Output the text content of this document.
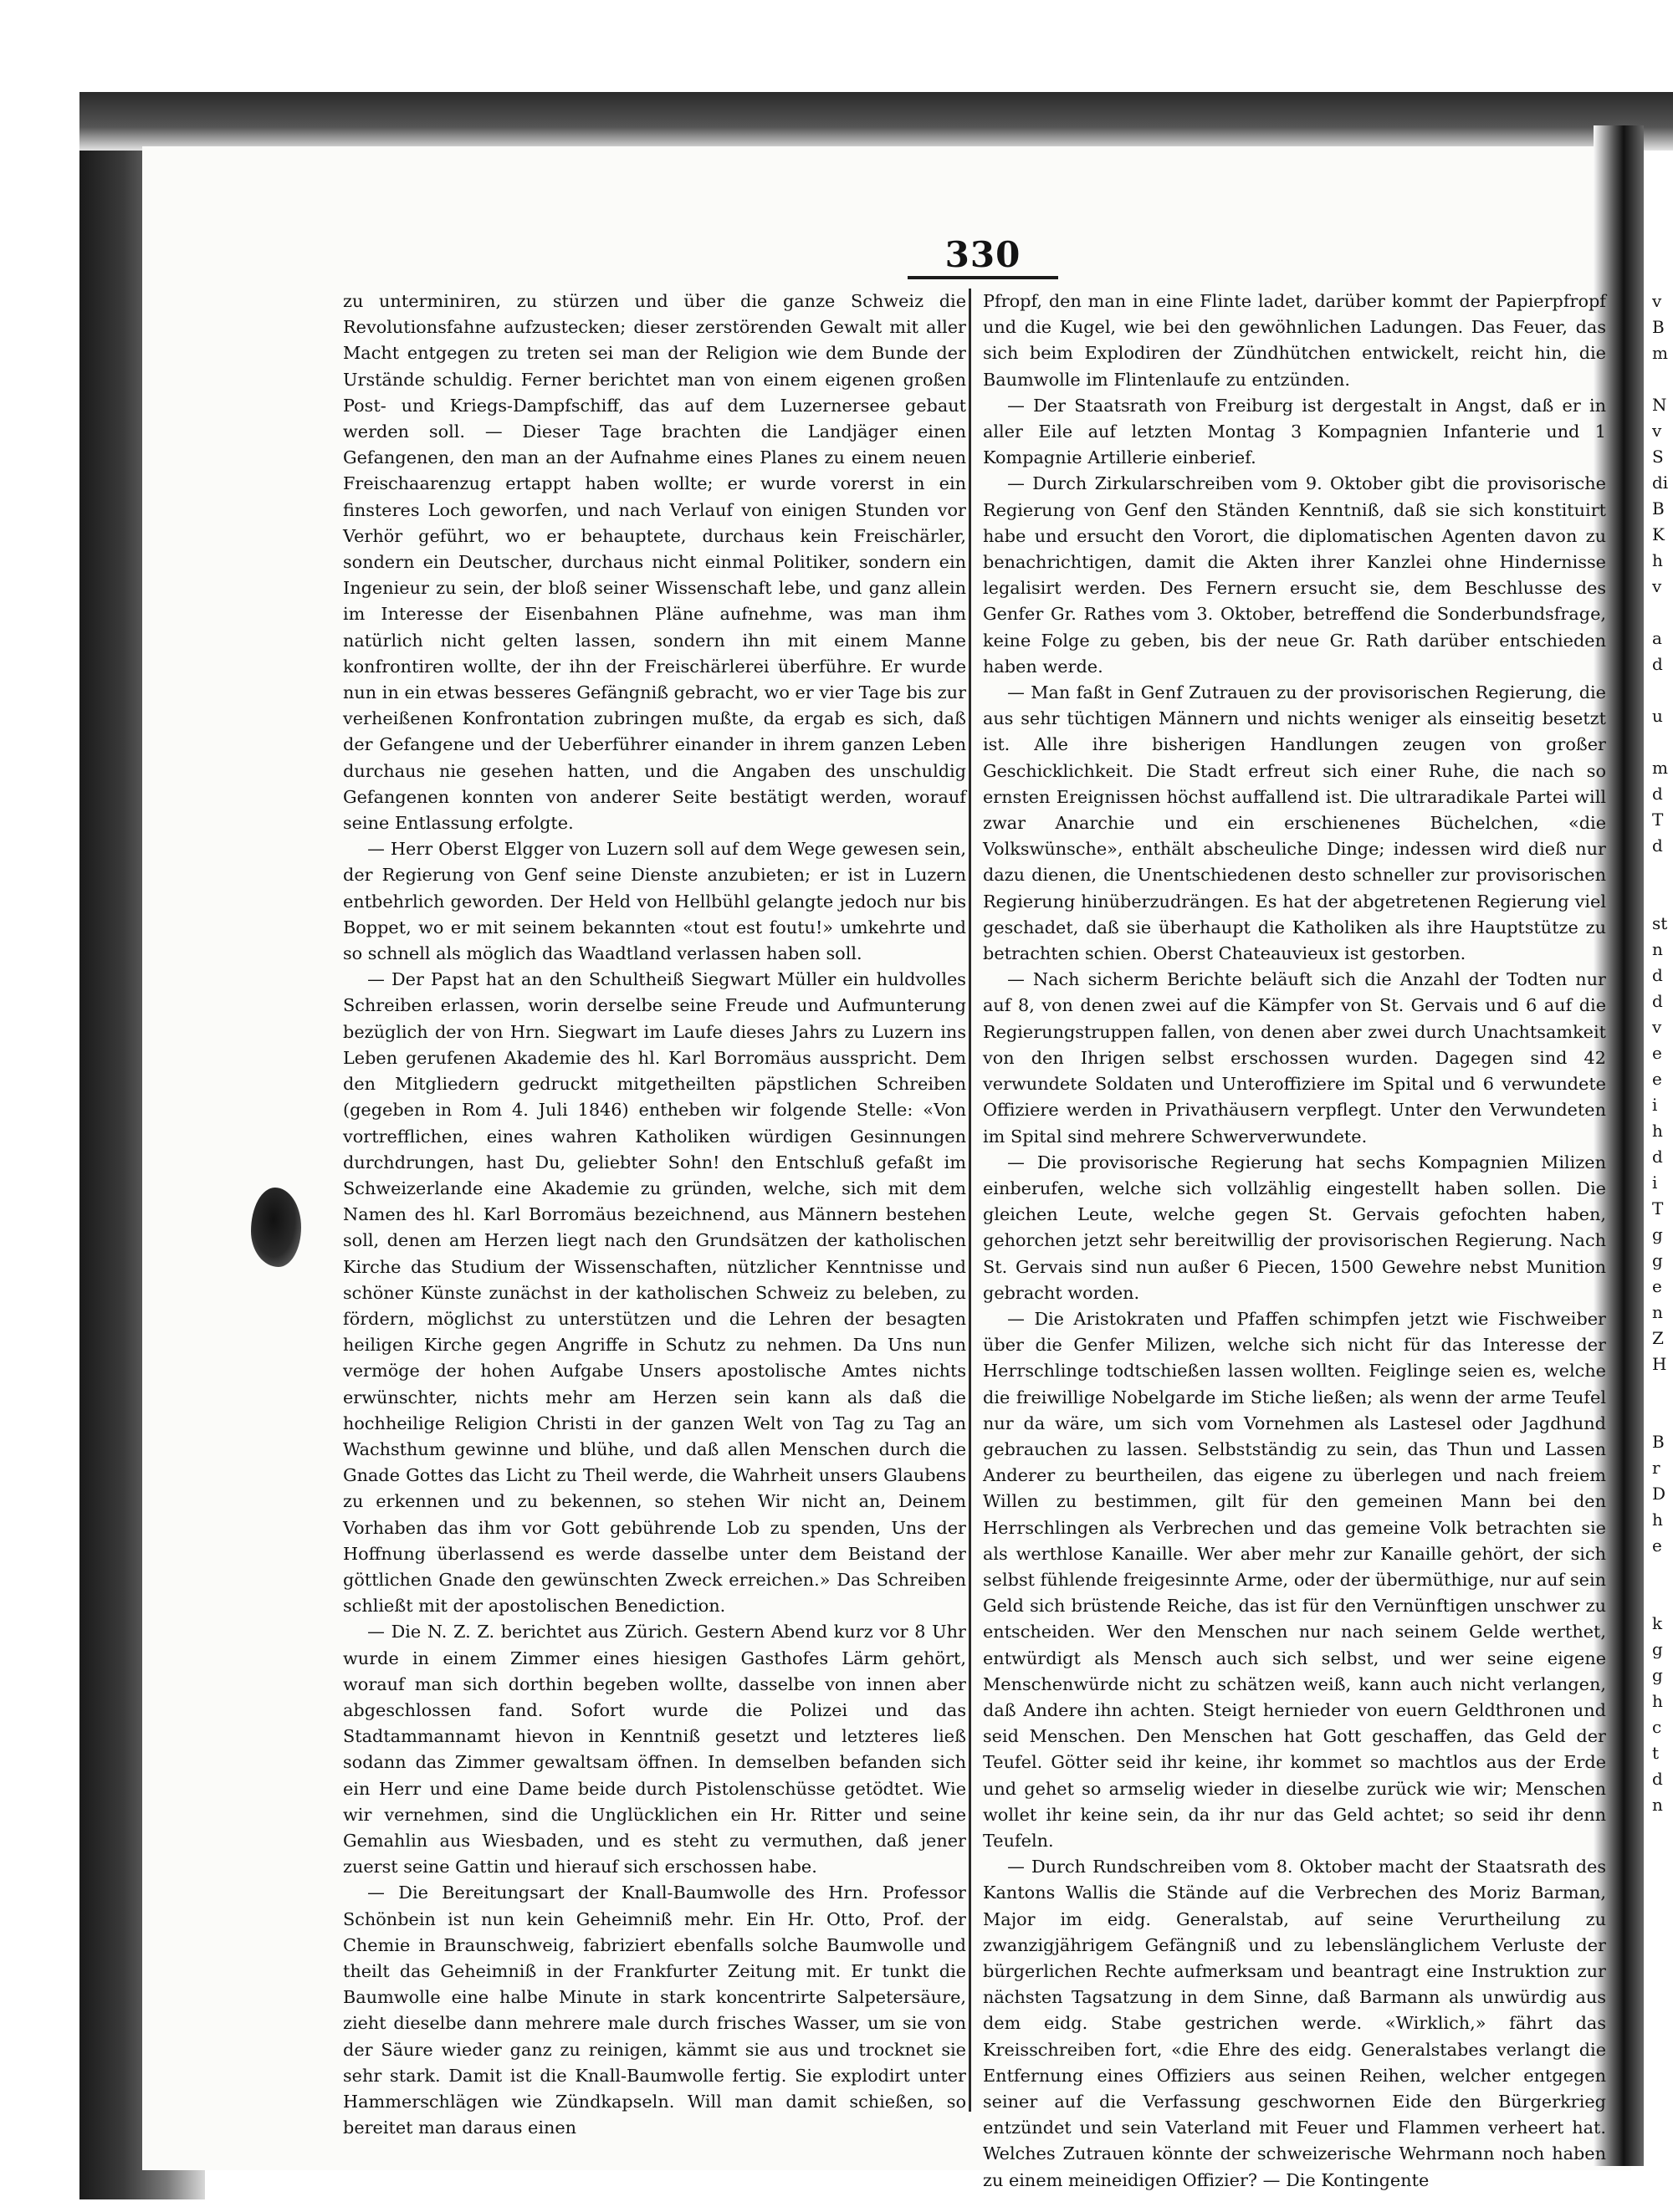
330

zu unterminiren, zu stürzen und über die ganze Schweiz die Revolutionsfahne aufzustecken; dieser zerstörenden Gewalt mit aller Macht entgegen zu treten sei man der Religion wie dem Bunde der Urstände schuldig. Ferner berichtet man von einem eigenen großen Post- und Kriegs-Dampfschiff, das auf dem Luzernersee gebaut werden soll. — Dieser Tage brachten die Landjäger einen Gefangenen, den man an der Aufnahme eines Planes zu einem neuen Freischaarenzug ertappt haben wollte; er wurde vorerst in ein finsteres Loch geworfen, und nach Verlauf von einigen Stunden vor Verhör geführt, wo er behauptete, durchaus kein Freischärler, sondern ein Deutscher, durchaus nicht einmal Politiker, sondern ein Ingenieur zu sein, der bloß seiner Wissenschaft lebe, und ganz allein im Interesse der Eisenbahnen Pläne aufnehme, was man ihm natürlich nicht gelten lassen, sondern ihn mit einem Manne konfrontiren wollte, der ihn der Freischärlerei überführe. Er wurde nun in ein etwas besseres Gefängniß gebracht, wo er vier Tage bis zur verheißenen Konfrontation zubringen mußte, da ergab es sich, daß der Gefangene und der Ueberführer einander in ihrem ganzen Leben durchaus nie gesehen hatten, und die Angaben des unschuldig Gefangenen konnten von anderer Seite bestätigt werden, worauf seine Entlassung erfolgte.

— Herr Oberst Elgger von Luzern soll auf dem Wege gewesen sein, der Regierung von Genf seine Dienste anzubieten; er ist in Luzern entbehrlich geworden. Der Held von Hellbühl gelangte jedoch nur bis Boppet, wo er mit seinem bekannten «tout est foutu!» umkehrte und so schnell als möglich das Waadtland verlassen haben soll.

— Der Papst hat an den Schultheiß Siegwart Müller ein huldvolles Schreiben erlassen, worin derselbe seine Freude und Aufmunterung bezüglich der von Hrn. Siegwart im Laufe dieses Jahrs zu Luzern ins Leben gerufenen Akademie des hl. Karl Borromäus ausspricht. Dem den Mitgliedern gedruckt mitgetheilten päpstlichen Schreiben (gegeben in Rom 4. Juli 1846) entheben wir folgende Stelle: «Von vortrefflichen, eines wahren Katholiken würdigen Gesinnungen durchdrungen, hast Du, geliebter Sohn! den Entschluß gefaßt im Schweizerlande eine Akademie zu gründen, welche, sich mit dem Namen des hl. Karl Borromäus bezeichnend, aus Männern bestehen soll, denen am Herzen liegt nach den Grundsätzen der katholischen Kirche das Studium der Wissenschaften, nützlicher Kenntnisse und schöner Künste zunächst in der katholischen Schweiz zu beleben, zu fördern, möglichst zu unterstützen und die Lehren der besagten heiligen Kirche gegen Angriffe in Schutz zu nehmen. Da Uns nun vermöge der hohen Aufgabe Unsers apostolische Amtes nichts erwünschter, nichts mehr am Herzen sein kann als daß die hochheilige Religion Christi in der ganzen Welt von Tag zu Tag an Wachsthum gewinne und blühe, und daß allen Menschen durch die Gnade Gottes das Licht zu Theil werde, die Wahrheit unsers Glaubens zu erkennen und zu bekennen, so stehen Wir nicht an, Deinem Vorhaben das ihm vor Gott gebührende Lob zu spenden, Uns der Hoffnung überlassend es werde dasselbe unter dem Beistand der göttlichen Gnade den gewünschten Zweck erreichen.» Das Schreiben schließt mit der apostolischen Benediction.

— Die N. Z. Z. berichtet aus Zürich. Gestern Abend kurz vor 8 Uhr wurde in einem Zimmer eines hiesigen Gasthofes Lärm gehört, worauf man sich dorthin begeben wollte, dasselbe von innen aber abgeschlossen fand. Sofort wurde die Polizei und das Stadtammannamt hievon in Kenntniß gesetzt und letzteres ließ sodann das Zimmer gewaltsam öffnen. In demselben befanden sich ein Herr und eine Dame beide durch Pistolenschüsse getödtet. Wie wir vernehmen, sind die Unglücklichen ein Hr. Ritter und seine Gemahlin aus Wiesbaden, und es steht zu vermuthen, daß jener zuerst seine Gattin und hierauf sich erschossen habe.

— Die Bereitungsart der Knall-Baumwolle des Hrn. Professor Schönbein ist nun kein Geheimniß mehr. Ein Hr. Otto, Prof. der Chemie in Braunschweig, fabriziert ebenfalls solche Baumwolle und theilt das Geheimniß in der Frankfurter Zeitung mit. Er tunkt die Baumwolle eine halbe Minute in stark koncentrirte Salpetersäure, zieht dieselbe dann mehrere male durch frisches Wasser, um sie von der Säure wieder ganz zu reinigen, kämmt sie aus und trocknet sie sehr stark. Damit ist die Knall-Baumwolle fertig. Sie explodirt unter Hammerschlägen wie Zündkapseln. Will man damit schießen, so bereitet man daraus einen

Pfropf, den man in eine Flinte ladet, darüber kommt der Papierpfropf und die Kugel, wie bei den gewöhnlichen Ladungen. Das Feuer, das sich beim Explodiren der Zündhütchen entwickelt, reicht hin, die Baumwolle im Flintenlaufe zu entzünden.

— Der Staatsrath von Freiburg ist dergestalt in Angst, daß er in aller Eile auf letzten Montag 3 Kompagnien Infanterie und 1 Kompagnie Artillerie einberief.

— Durch Zirkularschreiben vom 9. Oktober gibt die provisorische Regierung von Genf den Ständen Kenntniß, daß sie sich konstituirt habe und ersucht den Vorort, die diplomatischen Agenten davon zu benachrichtigen, damit die Akten ihrer Kanzlei ohne Hindernisse legalisirt werden. Des Fernern ersucht sie, dem Beschlusse des Genfer Gr. Rathes vom 3. Oktober, betreffend die Sonderbundsfrage, keine Folge zu geben, bis der neue Gr. Rath darüber entschieden haben werde.

— Man faßt in Genf Zutrauen zu der provisorischen Regierung, die aus sehr tüchtigen Männern und nichts weniger als einseitig besetzt ist. Alle ihre bisherigen Handlungen zeugen von großer Geschicklichkeit. Die Stadt erfreut sich einer Ruhe, die nach so ernsten Ereignissen höchst auffallend ist. Die ultraradikale Partei will zwar Anarchie und ein erschienenes Büchelchen, «die Volkswünsche», enthält abscheuliche Dinge; indessen wird dieß nur dazu dienen, die Unentschiedenen desto schneller zur provisorischen Regierung hinüberzudrängen. Es hat der abgetretenen Regierung viel geschadet, daß sie überhaupt die Katholiken als ihre Hauptstütze zu betrachten schien. Oberst Chateauvieux ist gestorben.

— Nach sicherm Berichte beläuft sich die Anzahl der Todten nur auf 8, von denen zwei auf die Kämpfer von St. Gervais und 6 auf die Regierungstruppen fallen, von denen aber zwei durch Unachtsamkeit von den Ihrigen selbst erschossen wurden. Dagegen sind 42 verwundete Soldaten und Unteroffiziere im Spital und 6 verwundete Offiziere werden in Privathäusern verpflegt. Unter den Verwundeten im Spital sind mehrere Schwerverwundete.

— Die provisorische Regierung hat sechs Kompagnien Milizen einberufen, welche sich vollzählig eingestellt haben sollen. Die gleichen Leute, welche gegen St. Gervais gefochten haben, gehorchen jetzt sehr bereitwillig der provisorischen Regierung. Nach St. Gervais sind nun außer 6 Piecen, 1500 Gewehre nebst Munition gebracht worden.

— Die Aristokraten und Pfaffen schimpfen jetzt wie Fischweiber über die Genfer Milizen, welche sich nicht für das Interesse der Herrschlinge todtschießen lassen wollten. Feiglinge seien es, welche die freiwillige Nobelgarde im Stiche ließen; als wenn der arme Teufel nur da wäre, um sich vom Vornehmen als Lastesel oder Jagdhund gebrauchen zu lassen. Selbstständig zu sein, das Thun und Lassen Anderer zu beurtheilen, das eigene zu überlegen und nach freiem Willen zu bestimmen, gilt für den gemeinen Mann bei den Herrschlingen als Verbrechen und das gemeine Volk betrachten sie als werthlose Kanaille. Wer aber mehr zur Kanaille gehört, der sich selbst fühlende freigesinnte Arme, oder der übermüthige, nur auf sein Geld sich brüstende Reiche, das ist für den Vernünftigen unschwer zu entscheiden. Wer den Menschen nur nach seinem Gelde werthet, entwürdigt als Mensch auch sich selbst, und wer seine eigene Menschenwürde nicht zu schätzen weiß, kann auch nicht verlangen, daß Andere ihn achten. Steigt hernieder von euern Geldthronen und seid Menschen. Den Menschen hat Gott geschaffen, das Geld der Teufel. Götter seid ihr keine, ihr kommet so machtlos aus der Erde und gehet so armselig wieder in dieselbe zurück wie wir; Menschen wollet ihr keine sein, da ihr nur das Geld achtet; so seid ihr denn Teufeln.

— Durch Rundschreiben vom 8. Oktober macht der Staatsrath des Kantons Wallis die Stände auf die Verbrechen des Moriz Barman, Major im eidg. Generalstab, auf seine Verurtheilung zu zwanzigjährigem Gefängniß und zu lebenslänglichem Verluste der bürgerlichen Rechte aufmerksam und beantragt eine Instruktion zur nächsten Tagsatzung in dem Sinne, daß Barmann als unwürdig aus dem eidg. Stabe gestrichen werde. «Wirklich,» fährt das Kreisschreiben fort, «die Ehre des eidg. Generalstabes verlangt die Entfernung eines Offiziers aus seinen Reihen, welcher entgegen seiner auf die Verfassung geschwornen Eide den Bürgerkrieg entzündet und sein Vaterland mit Feuer und Flammen verheert hat. Welches Zutrauen könnte der schweizerische Wehrmann noch haben zu einem meineidigen Offizier? — Die Kontingente

v
B
m

N
v
S
di
B
K
h
v

a
d

u

m
d
T
d

st
n
d
d
v
e
e
i
h
d
i
T
g
g
e
n
Z
H

B
r
D
h
e

k
g
g
h
c
t
d
n
